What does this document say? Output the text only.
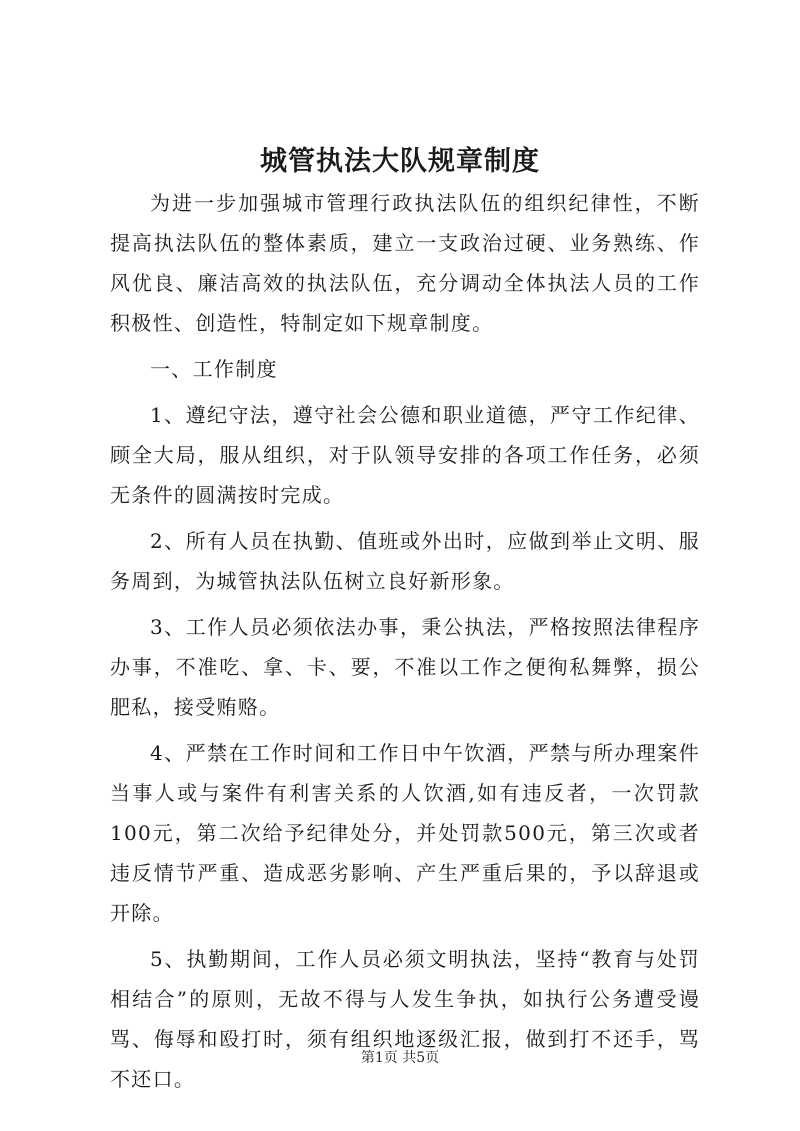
城管执法大队规章制度

为进一步加强城市管理行政执法队伍的组织纪律性，不断提高执法队伍的整体素质，建立一支政治过硬、业务熟练、作风优良、廉洁高效的执法队伍，充分调动全体执法人员的工作积极性、创造性，特制定如下规章制度。

一、工作制度

1、遵纪守法，遵守社会公德和职业道德，严守工作纪律、顾全大局，服从组织，对于队领导安排的各项工作任务，必须无条件的圆满按时完成。

2、所有人员在执勤、值班或外出时，应做到举止文明、服务周到，为城管执法队伍树立良好新形象。

3、工作人员必须依法办事，秉公执法，严格按照法律程序办事，不准吃、拿、卡、要，不准以工作之便徇私舞弊，损公肥私，接受贿赂。

4、严禁在工作时间和工作日中午饮酒，严禁与所办理案件当事人或与案件有利害关系的人饮酒,如有违反者，一次罚款100元，第二次给予纪律处分，并处罚款500元，第三次或者违反情节严重、造成恶劣影响、产生严重后果的，予以辞退或开除。

5、执勤期间，工作人员必须文明执法，坚持“教育与处罚相结合”的原则，无故不得与人发生争执，如执行公务遭受谩骂、侮辱和殴打时，须有组织地逐级汇报，做到打不还手，骂不还口。

第1页 共5页
